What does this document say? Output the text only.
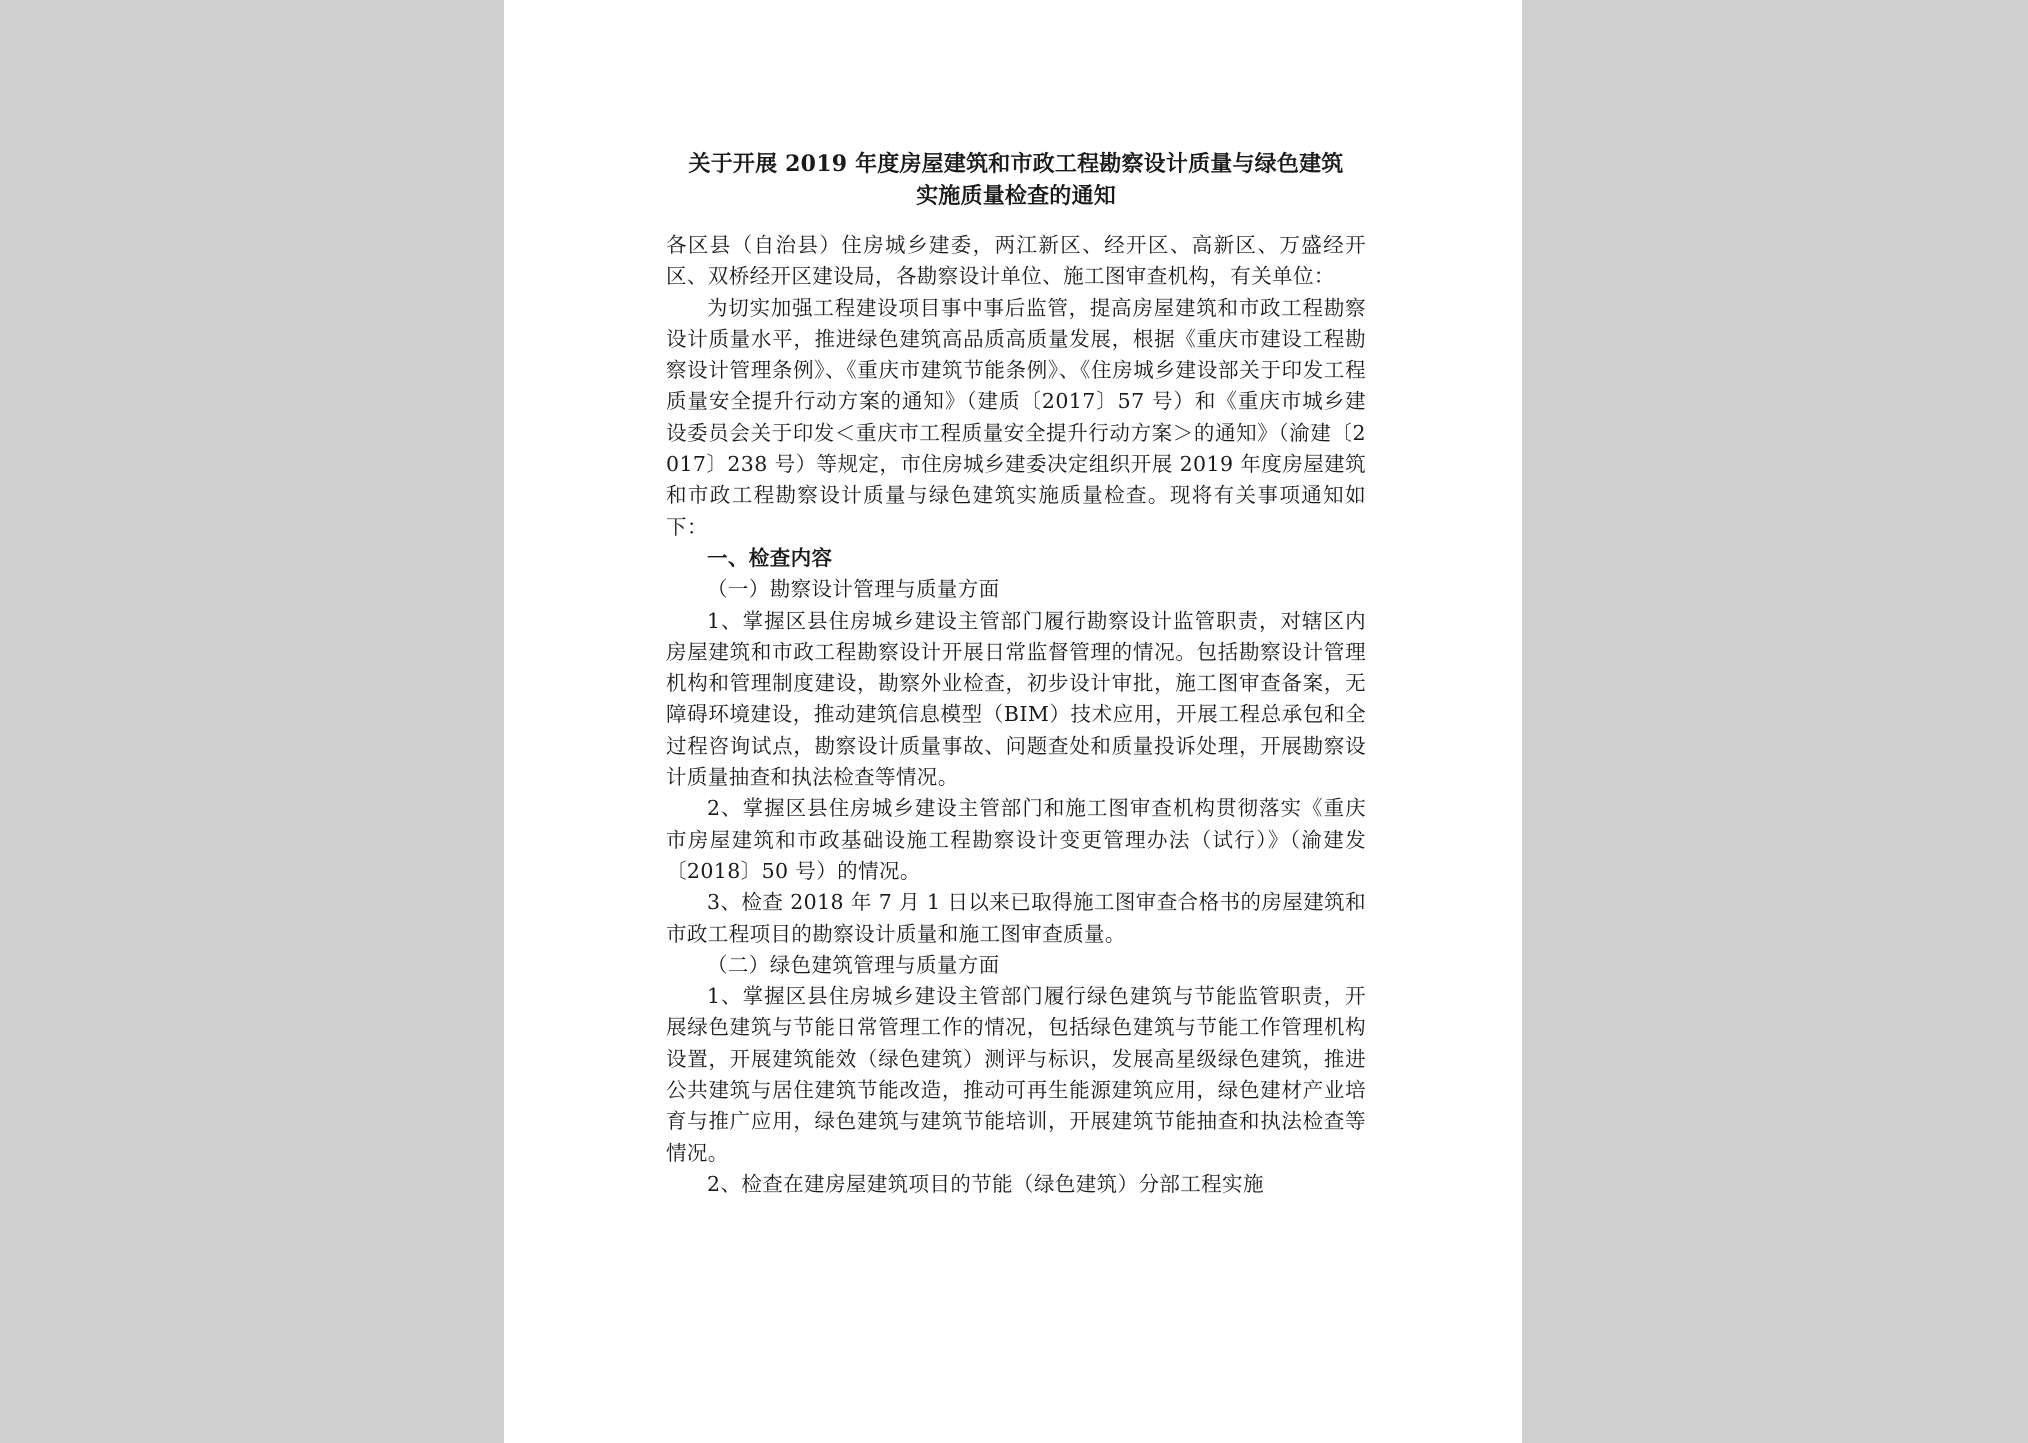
关于开展 2019 年度房屋建筑和市政工程勘察设计质量与绿色建筑
实施质量检查的通知

各区县（自治县）住房城乡建委，两江新区、经开区、高新区、万盛经开区、双桥经开区建设局，各勘察设计单位、施工图审查机构，有关单位：

为切实加强工程建设项目事中事后监管，提高房屋建筑和市政工程勘察设计质量水平，推进绿色建筑高品质高质量发展，根据《重庆市建设工程勘察设计管理条例》、《重庆市建筑节能条例》、《住房城乡建设部关于印发工程质量安全提升行动方案的通知》（建质〔2017〕57 号）和《重庆市城乡建设委员会关于印发＜重庆市工程质量安全提升行动方案＞的通知》（渝建〔2017〕238 号）等规定，市住房城乡建委决定组织开展 2019 年度房屋建筑和市政工程勘察设计质量与绿色建筑实施质量检查。现将有关事项通知如下：

一、检查内容

（一）勘察设计管理与质量方面

1、掌握区县住房城乡建设主管部门履行勘察设计监管职责，对辖区内房屋建筑和市政工程勘察设计开展日常监督管理的情况。包括勘察设计管理机构和管理制度建设，勘察外业检查，初步设计审批，施工图审查备案，无障碍环境建设，推动建筑信息模型（BIM）技术应用，开展工程总承包和全过程咨询试点，勘察设计质量事故、问题查处和质量投诉处理，开展勘察设计质量抽查和执法检查等情况。

2、掌握区县住房城乡建设主管部门和施工图审查机构贯彻落实《重庆市房屋建筑和市政基础设施工程勘察设计变更管理办法（试行）》（渝建发〔2018〕50 号）的情况。

3、检查 2018 年 7 月 1 日以来已取得施工图审查合格书的房屋建筑和市政工程项目的勘察设计质量和施工图审查质量。

（二）绿色建筑管理与质量方面

1、掌握区县住房城乡建设主管部门履行绿色建筑与节能监管职责，开展绿色建筑与节能日常管理工作的情况，包括绿色建筑与节能工作管理机构设置，开展建筑能效（绿色建筑）测评与标识，发展高星级绿色建筑，推进公共建筑与居住建筑节能改造，推动可再生能源建筑应用，绿色建材产业培育与推广应用，绿色建筑与建筑节能培训，开展建筑节能抽查和执法检查等情况。

2、检查在建房屋建筑项目的节能（绿色建筑）分部工程实施
